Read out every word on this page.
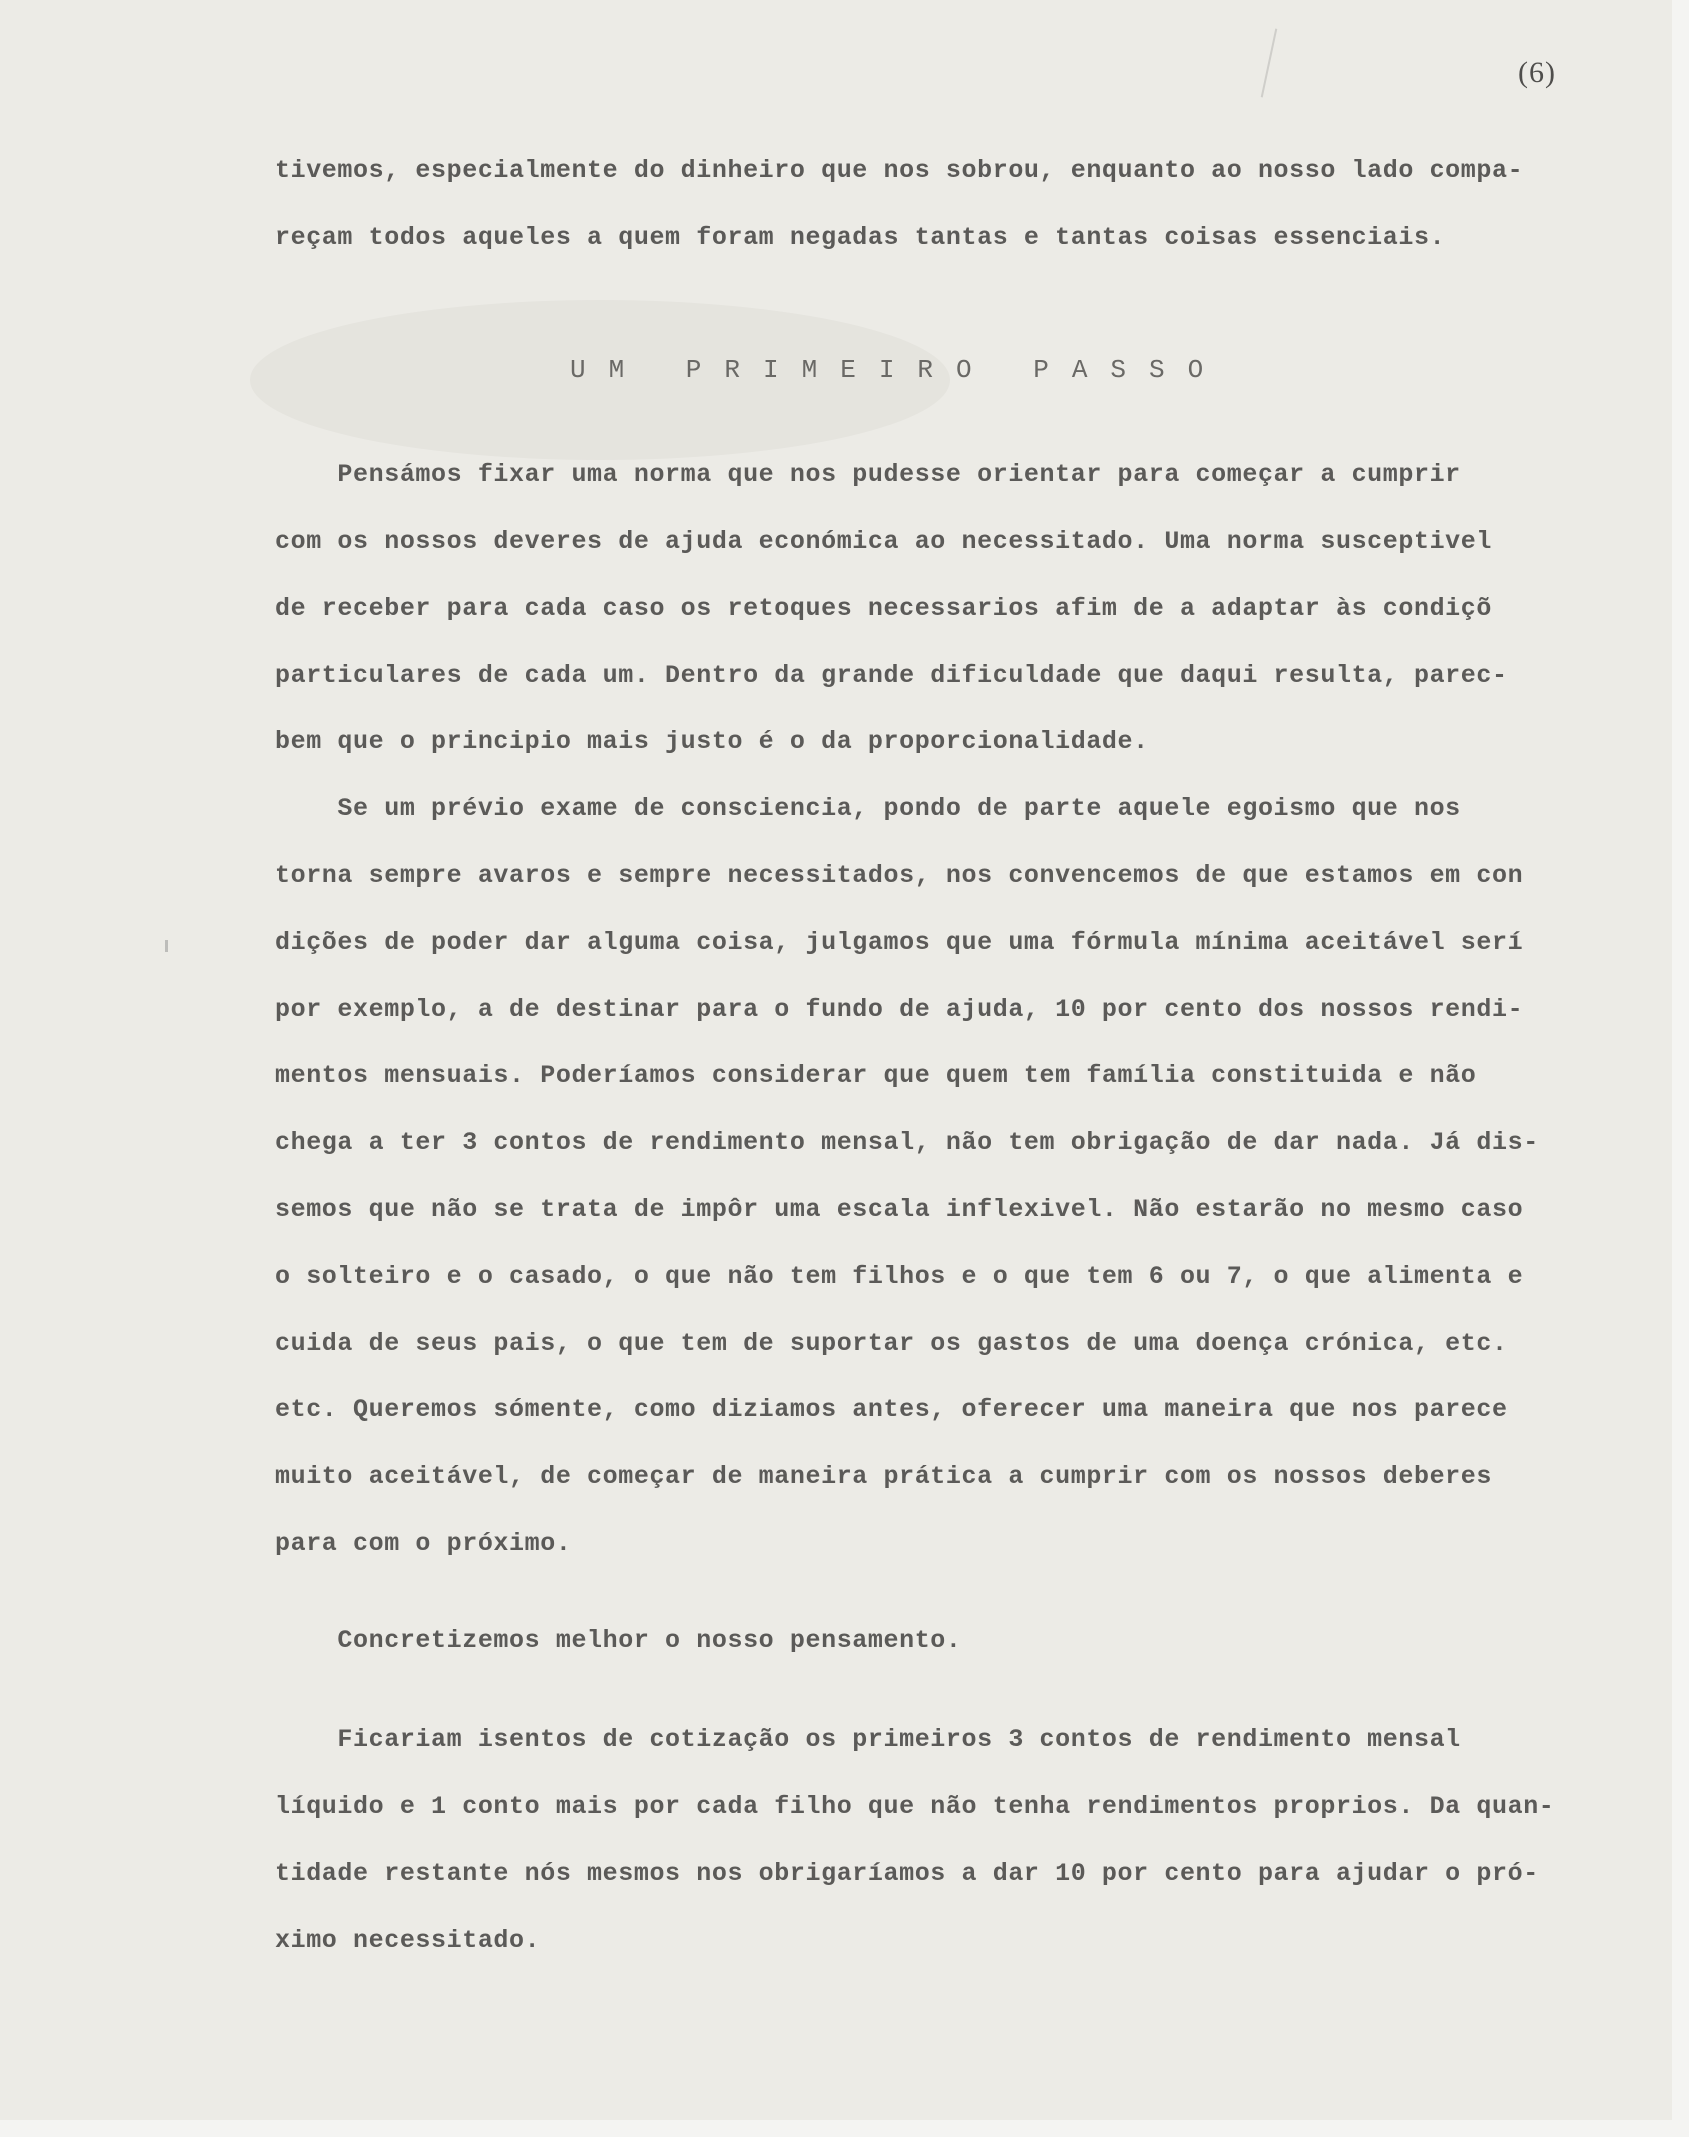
(6)
tivemos, especialmente do dinheiro que nos sobrou, enquanto ao nosso lado compa-
reçam todos aqueles a quem foram negadas tantas e tantas coisas essenciais.
UM PRIMEIRO PASSO
Pensámos fixar uma norma que nos pudesse orientar para começar a cumprir
com os nossos deveres de ajuda económica ao necessitado. Uma norma susceptivel
de receber para cada caso os retoques necessarios afim de a adaptar às condiçõ
particulares de cada um. Dentro da grande dificuldade que daqui resulta, parec-
bem que o principio mais justo é o da proporcionalidade.
Se um prévio exame de consciencia, pondo de parte aquele egoismo que nos
torna sempre avaros e sempre necessitados, nos convencemos de que estamos em con
dições de poder dar alguma coisa, julgamos que uma fórmula mínima aceitável serí
por exemplo, a de destinar para o fundo de ajuda, 10 por cento dos nossos rendi-
mentos mensuais. Poderíamos considerar que quem tem família constituida e não
chega a ter 3 contos de rendimento mensal, não tem obrigação de dar nada. Já dis-
semos que não se trata de impôr uma escala inflexivel. Não estarão no mesmo caso
o solteiro e o casado, o que não tem filhos e o que tem 6 ou 7, o que alimenta e
cuida de seus pais, o que tem de suportar os gastos de uma doença crónica, etc.
etc. Queremos sómente, como diziamos antes, oferecer uma maneira que nos parece
muito aceitável, de começar de maneira prática a cumprir com os nossos deberes
para com o próximo.
Concretizemos melhor o nosso pensamento.
Ficariam isentos de cotização os primeiros 3 contos de rendimento mensal
líquido e 1 conto mais por cada filho que não tenha rendimentos proprios. Da quan-
tidade restante nós mesmos nos obrigaríamos a dar 10 por cento para ajudar o pró-
ximo necessitado.
